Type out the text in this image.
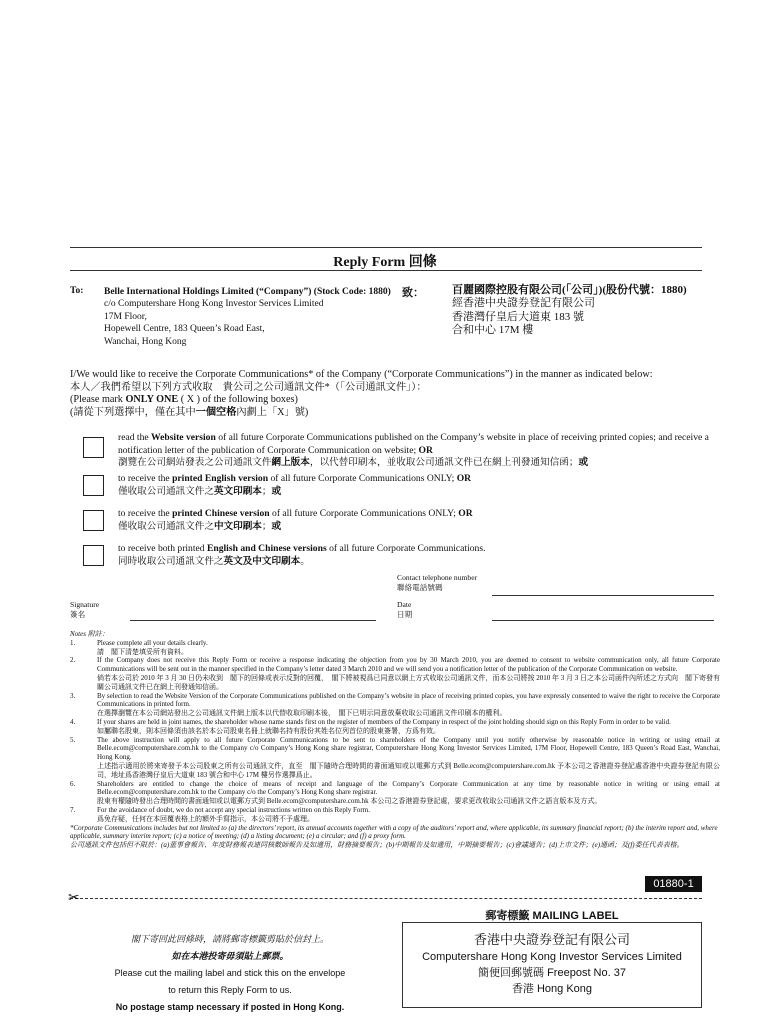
Reply Form 回條
To: Belle International Holdings Limited (“Company”) (Stock Code: 1880)
c/o Computershare Hong Kong Investor Services Limited
17M Floor,
Hopewell Centre, 183 Queen’s Road East,
Wanchai, Hong Kong
致：	百麗國際控股有限公司(「公司」)(股份代號：1880)
經香港中央證券登記有限公司
香港灣仔皇后大道東 183 號
合和中心 17M 樓
I/We would like to receive the Corporate Communications* of the Company (“Corporate Communications”) in the manner as indicated below:
本人／我們希望以下列方式收取　貴公司之公司通訊文件*（「公司通訊文件」）：
(Please mark ONLY ONE ( X ) of the following boxes)
(請從下列選擇中，僅在其中一個空格內劃上「X」號)
read the Website version of all future Corporate Communications published on the Company’s website in place of receiving printed copies; and receive a notification letter of the publication of Corporate Communication on website; OR
瀏覽在公司網站發表之公司通訊文件網上版本，以代替印刷本，並收取公司通訊文件已在網上刊發通知信函；或
to receive the printed English version of all future Corporate Communications ONLY; OR
僅收取公司通訊文件之英文印刷本；或
to receive the printed Chinese version of all future Corporate Communications ONLY; OR
僅收取公司通訊文件之中文印刷本；或
to receive both printed English and Chinese versions of all future Corporate Communications.
同時收取公司通訊文件之英文及中文印刷本。
Contact telephone number
聯絡電話號碼
Signature
簽名
Date
日期
Notes 附註：
1.	Please complete all your details clearly.
請　閣下清楚填妥所有資料。
2.	If the Company does not receive this Reply Form or receive a response indicating the objection from you by 30 March 2010, you are deemed to consent to website communication only, all future Corporate Communications will be sent out in the manner specified in the Company’s letter dated 3 March 2010 and we will send you a notification letter of the publication of the Corporate Communication on website.
倘若本公司於 2010 年 3 月 30 日仍未收到　閣下的回條或表示反對的回覆，　閣下將被視爲已同意以網上方式收取公司通訊文件，而本公司將按 2010 年 3 月 3 日之本公司函件內所述之方式向　閣下寄發有關公司通訊文件已在網上刊發通知信函。
3.	By selection to read the Website Version of the Corporate Communications published on the Company’s website in place of receiving printed copies, you have expressly consented to waive the right to receive the Corporate Communications in printed form.
在選擇瀏覽在本公司網站發出之公司通訊文件網上版本以代替收取印刷本後，　閣下已明示同意放棄收取公司通訊文件印刷本的權利。
4.	If your shares are held in joint names, the shareholder whose name stands first on the register of members of the Company in respect of the joint holding should sign on this Reply Form in order to be valid.
如屬聯名股東，則本回條須由該名於本公司股東名冊上就聯名持有股份其姓名位列首位的股東簽署，方爲有效。
5.	The above instruction will apply to all future Corporate Communications to be sent to shareholders of the Company until you notify otherwise by reasonable notice in writing or using email at Belle.ecom@computershare.com.hk to the Company c/o Company’s Hong Kong share registrar, Computershare Hong Kong Investor Services Limited, 17M Floor, Hopewell Centre, 183 Queen’s Road East, Wanchai, Hong Kong.
上述指示適用於將來寄發予本公司股東之所有公司通訊文件，直至　閣下隨時合理時間的書面通知或以電郵方式到 Belle.ecom@computershare.com.hk 予本公司之香港證券登記處香港中央證券登記有限公司，地址爲香港灣仔皇后大道東 183 號合和中心 17M 樓另作選擇爲止。
6.	Shareholders are entitled to change the choice of means of receipt and language of the Company’s Corporate Communication at any time by reasonable notice in writing or using email at Belle.ecom@computershare.com.hk to the Company c/o the Company’s Hong Kong share registrar.
股東有權隨時發出合理時間的書面通知或以電郵方式到 Belle.ecom@computershare.com.hk 本公司之香港證券登記處，要求更改收取公司通訊文件之語言版本及方式。
7.	For the avoidance of doubt, we do not accept any special instructions written on this Reply Form.
爲免存疑，任何在本回覆表格上的額外手寫指示，本公司將不予處理。
*Corporate Communications includes but not limited to (a) the directors’ report, its annual accounts together with a copy of the auditors’ report and, where applicable, its summary financial report; (b) the interim report and, where applicable, summary interim report; (c) a notice of meeting; (d) a listing document; (e) a circular; and (f) a proxy form.
公司通訊文件包括但不限於：(a)董事會報告、年度財務報表連同核數師報告及如適用，財務摘要報告；(b)中期報告及如適用，中期摘要報告；(c)會議通告；(d)上市文件；(e)通函；及(f)委任代表表格。
01880-1
✂
郵寄標籤 MAILING LABEL
閣下寄回此回條時，請將郵寄標籤剪貼於信封上。
如在本港投寄毋須貼上郵票。
Please cut the mailing label and stick this on the envelope
to return this Reply Form to us.
No postage stamp necessary if posted in Hong Kong.
香港中央證券登記有限公司
Computershare Hong Kong Investor Services Limited
簡便回郵號碼 Freepost No. 37
香港 Hong Kong
